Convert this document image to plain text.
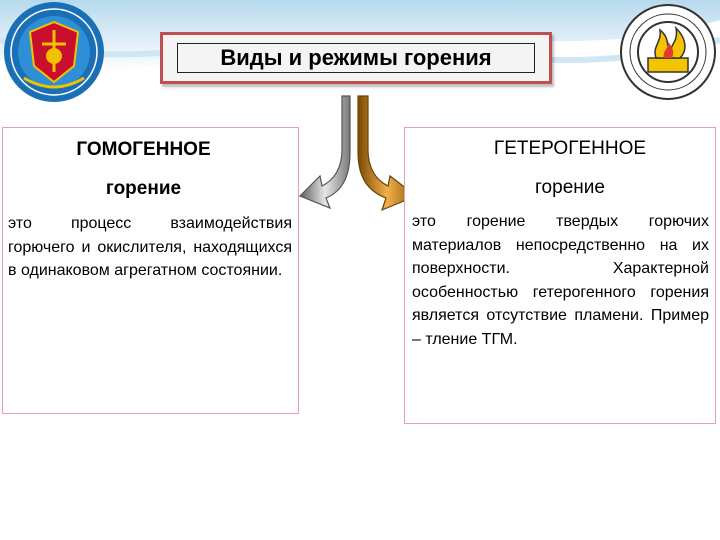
Виды и режимы горения
ГОМОГЕННОЕ
горение
это процесс взаимодействия горючего и окислителя, находящихся в одинаковом агрегатном состоянии.
ГЕТЕРОГЕННОЕ
горение
это горение твердых горючих материалов непосредственно на их поверхности. Характерной особенностью гетерогенного горения является отсутствие пламени. Пример – тление ТГМ.
